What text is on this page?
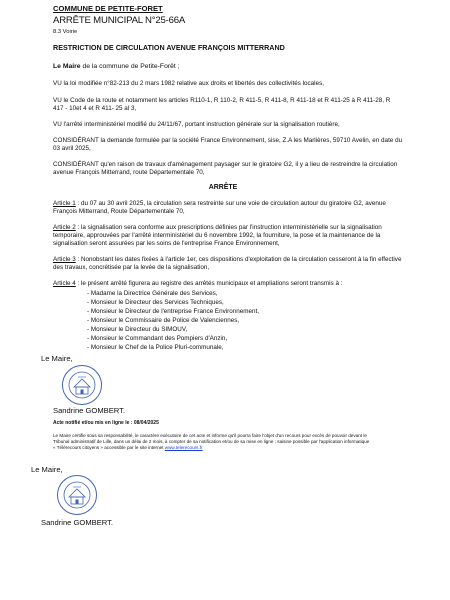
COMMUNE DE PETITE-FORET
ARRÊTE MUNICIPAL N°25-66A
8.3 Voirie
RESTRICTION DE CIRCULATION AVENUE FRANÇOIS MITTERRAND
Le Maire de la commune de Petite-Forêt ;
VU la loi modifiée n°82-213 du 2 mars 1982 relative aux droits et libertés des collectivités locales,
VU le Code de la route et notamment les articles R110-1, R 110-2, R 411-5, R 411-8, R 411-18 et R 411-25 à R 411-28, R
417 - 10et 4 et R 411- 25 al 3,
VU l'arrêté interministériel modifié du 24/11/67, portant instruction générale sur la signalisation routière,
CONSIDÉRANT la demande formulée par la société France Environnement, sise, Z.A les Marlières, 59710 Avelin, en date du
03 avril 2025,
CONSIDÉRANT qu'en raison de travaux d'aménagement paysager sur le giratoire G2, il y a lieu de restreindre la circulation
avenue François Mitterrand, route Départementale 70,
ARRÊTE
Article 1 : du 07 au 30 avril 2025, la circulation sera restreinte sur une voie de circulation autour du giratoire G2, avenue
François Mitterrand, Route Départementale 70,
Article 2 : la signalisation sera conforme aux prescriptions définies par l'instruction interministérielle sur la signalisation
temporaire, approuvées par l'arrêté interministériel du 6 novembre 1992, la fourniture, la pose et la maintenance de la
signalisation seront assurées par les soins de l'entreprise France Environnement,
Article 3 : Nonobstant les dates fixées à l'article 1er, ces dispositions d'exploitation de la circulation cesseront à la fin effective
des travaux, concrétisée par la levée de la signalisation,
Article 4 : le présent arrêté figurera au registre des arrêtés municipaux et ampliations seront transmis à :
- Madame la Directrice Générale des Services,
- Monsieur le Directeur des Services Techniques,
- Monsieur le Directeur de l'entreprise France Environnement,
- Monsieur le Commissaire de Police de Valenciennes,
- Monsieur le Directeur du SIMOUV,
- Monsieur le Commandant des Pompiers d'Anzin,
- Monsieur le Chef de la Police Pluri-communale,
Le Maire,
Sandrine GOMBERT.
Acte notifié et/ou mis en ligne le : 08/04/2025
Le Maire certifie sous sa responsabilité, le caractère exécutoire de cet acte et informe qu'il pourra faire l'objet d'un recours pour excès de pouvoir devant le
Tribunal administratif de Lille, dans un délai de 2 mois, à compter de sa notification et/ou de sa mise en ligne ; saisine possible par l'application informatique
« Télérecours citoyens » accessible par le site internet www.telerecours.fr
Le Maire,
Sandrine GOMBERT.
